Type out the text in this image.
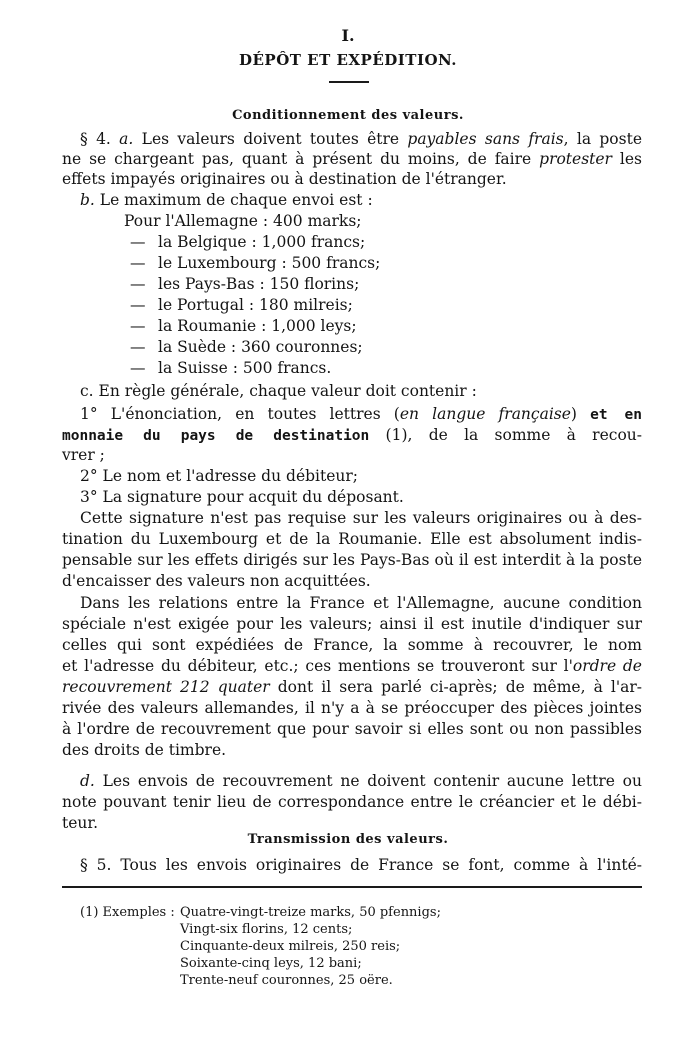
I.
DÉPÔT ET EXPÉDITION.
Conditionnement des valeurs.
§ 4. a. Les valeurs doivent toutes être payables sans frais, la poste
ne se chargeant pas, quant à présent du moins, de faire protester les
effets impayés originaires ou à destination de l'étranger.
b. Le maximum de chaque envoi est :
Pour l'Allemagne : 400 marks;
— la Belgique : 1,000 francs;
— le Luxembourg : 500 francs;
— les Pays-Bas : 150 florins;
— le Portugal : 180 milreis;
— la Roumanie : 1,000 leys;
— la Suède : 360 couronnes;
— la Suisse : 500 francs.
c. En règle générale, chaque valeur doit contenir :
1° L'énonciation, en toutes lettres (en langue française) et en
monnaie du pays de destination (1), de la somme à recou-
vrer ;
2° Le nom et l'adresse du débiteur;
3° La signature pour acquit du déposant.
Cette signature n'est pas requise sur les valeurs originaires ou à des-
tination du Luxembourg et de la Roumanie. Elle est absolument indis-
pensable sur les effets dirigés sur les Pays-Bas où il est interdit à la poste
d'encaisser des valeurs non acquittées.
Dans les relations entre la France et l'Allemagne, aucune condition
spéciale n'est exigée pour les valeurs; ainsi il est inutile d'indiquer sur
celles qui sont expédiées de France, la somme à recouvrer, le nom
et l'adresse du débiteur, etc.; ces mentions se trouveront sur l'ordre de
recouvrement 212 quater dont il sera parlé ci-après; de même, à l'ar-
rivée des valeurs allemandes, il n'y a à se préoccuper des pièces jointes
à l'ordre de recouvrement que pour savoir si elles sont ou non passibles
des droits de timbre.
d. Les envois de recouvrement ne doivent contenir aucune lettre ou
note pouvant tenir lieu de correspondance entre le créancier et le débi-
teur.
Transmission des valeurs.
§ 5. Tous les envois originaires de France se font, comme à l'inté-
(1) Exemples : Quatre-vingt-treize marks, 50 pfennigs;
Vingt-six florins, 12 cents;
Cinquante-deux milreis, 250 reis;
Soixante-cinq leys, 12 bani;
Trente-neuf couronnes, 25 oëre.
